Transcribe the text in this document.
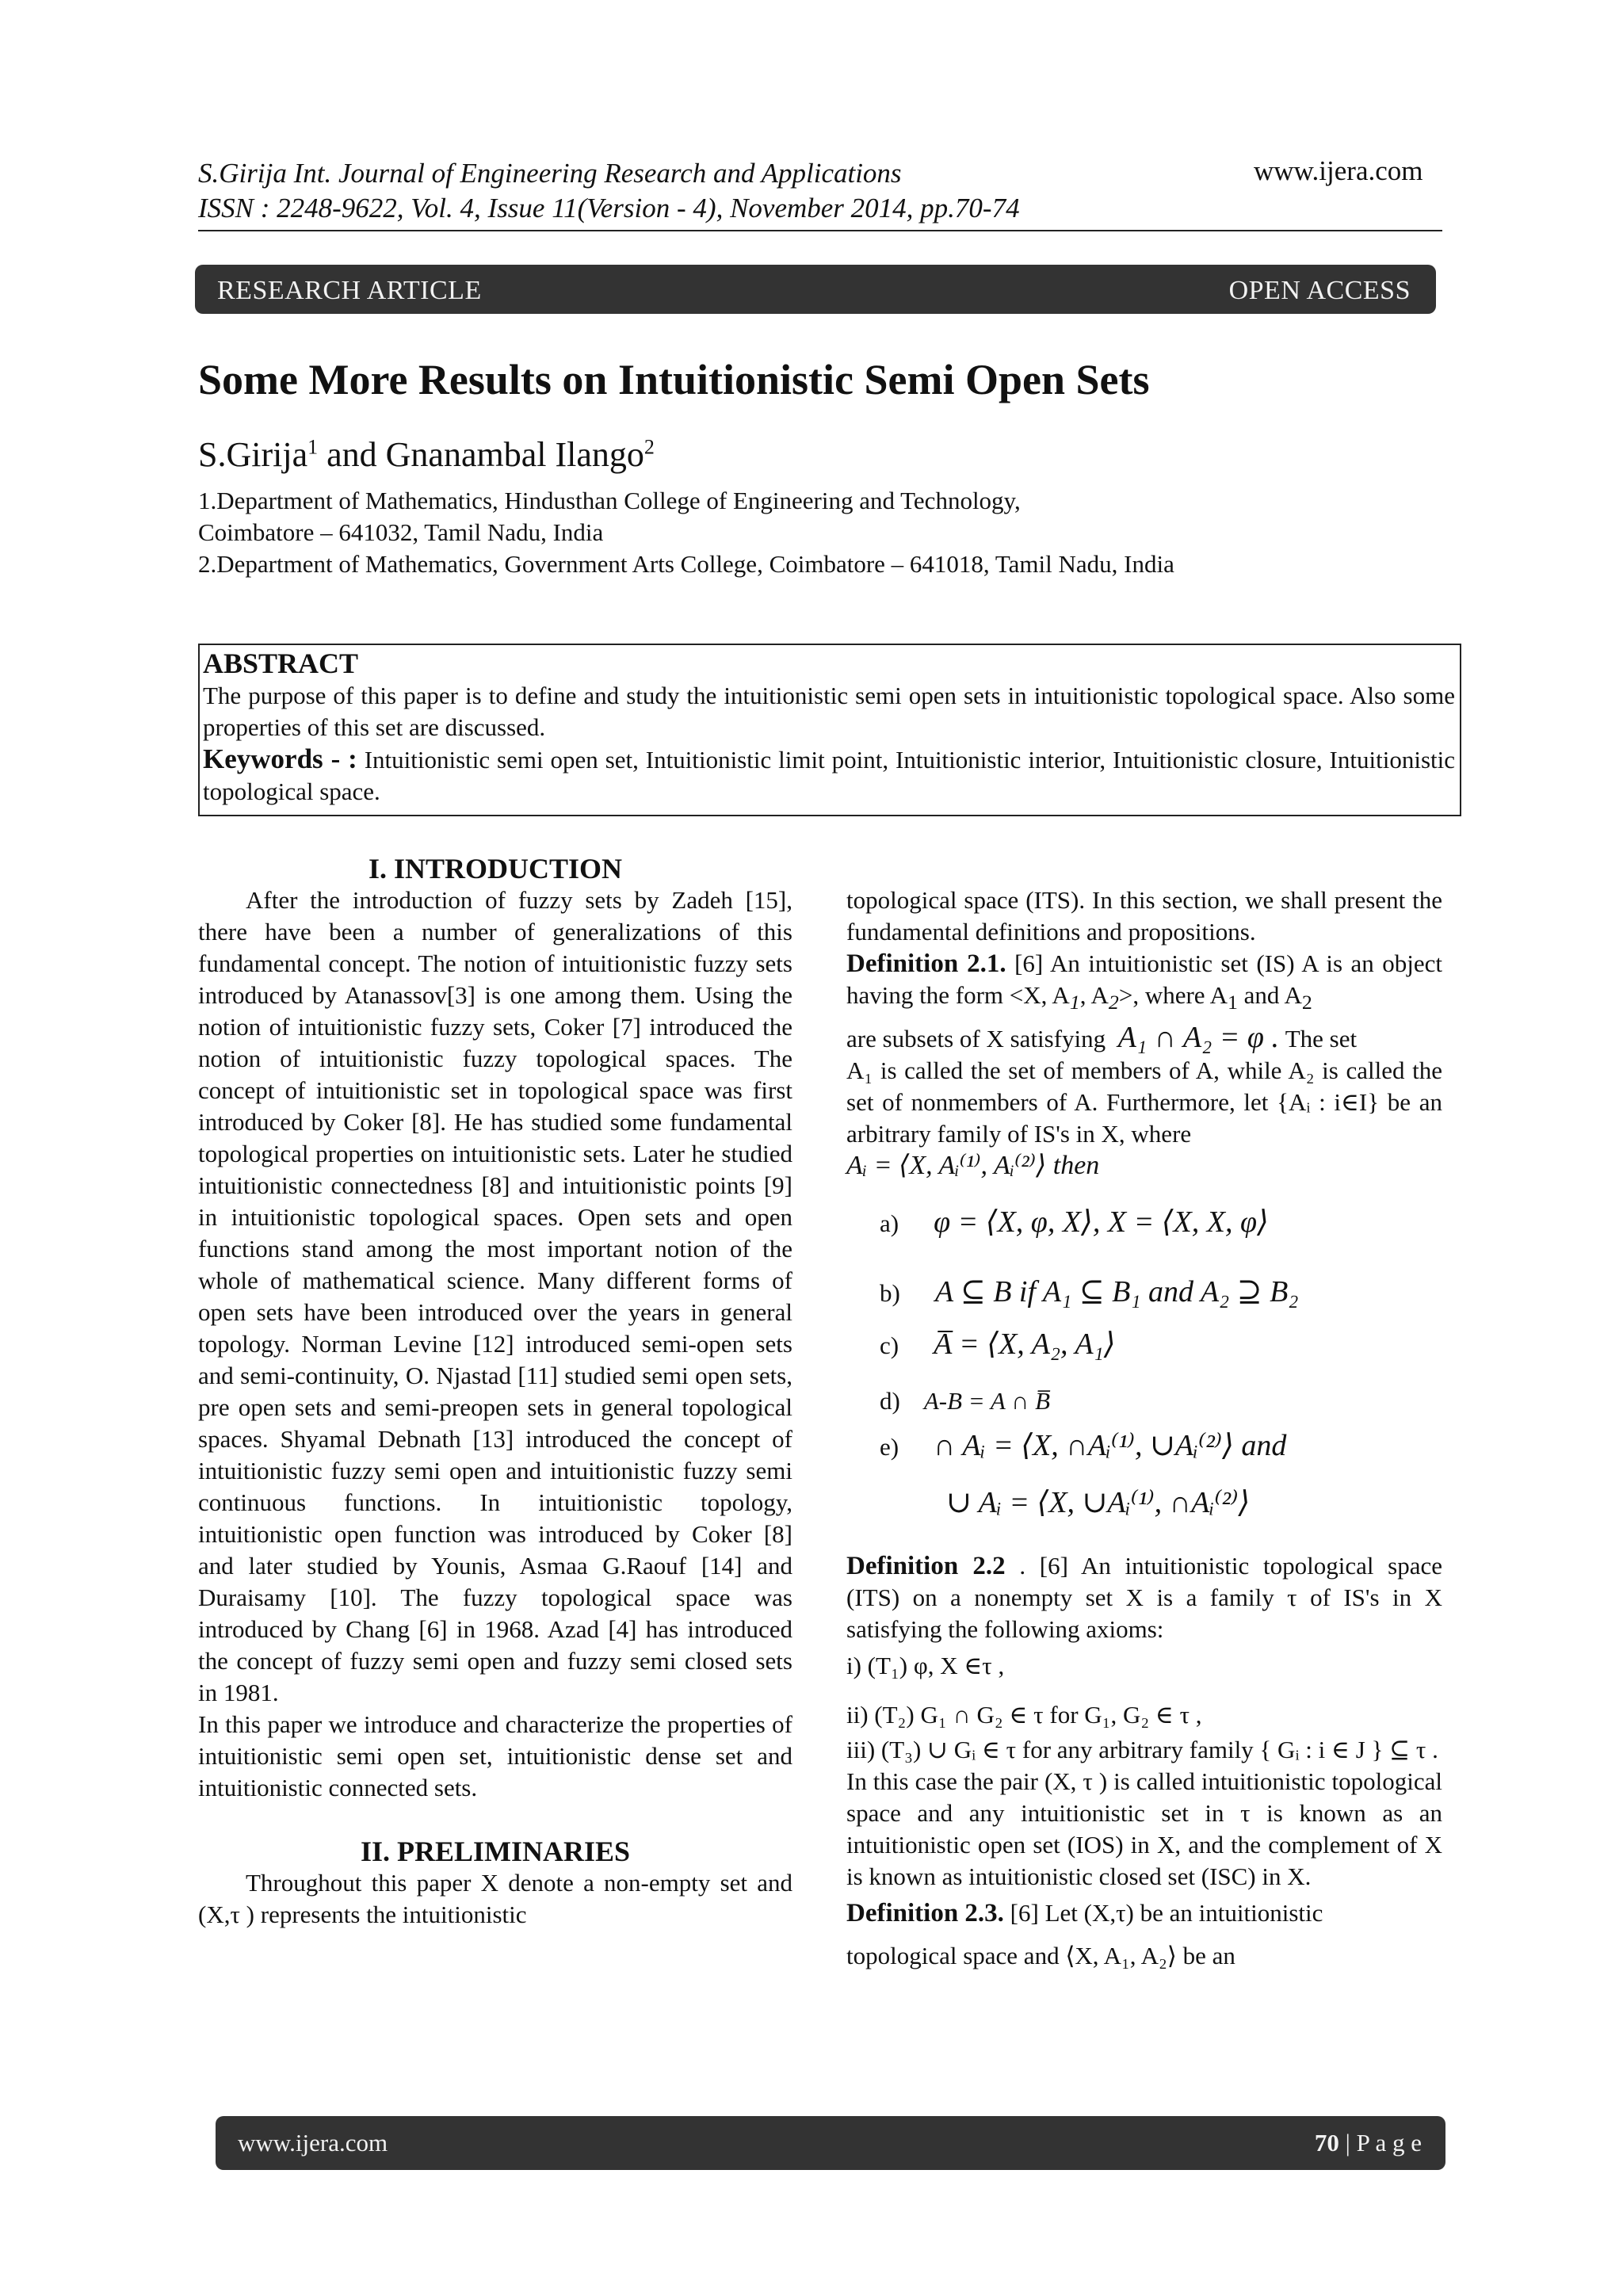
S.Girija Int. Journal of Engineering Research and Applications
ISSN : 2248-9622, Vol. 4, Issue 11(Version - 4), November 2014, pp.70-74
www.ijera.com
RESEARCH ARTICLE	OPEN ACCESS
Some More Results on Intuitionistic Semi Open Sets
S.Girija$^1$ and Gnanambal Ilango$^2$
1.Department of Mathematics, Hindusthan College of Engineering and Technology,
Coimbatore – 641032, Tamil Nadu, India
2.Department of Mathematics, Government Arts College, Coimbatore – 641018, Tamil Nadu, India
ABSTRACT
The purpose of this paper is to define and study the intuitionistic semi open sets in intuitionistic topological space. Also some properties of this set are discussed.
Keywords - : Intuitionistic semi open set, Intuitionistic limit point, Intuitionistic interior, Intuitionistic closure, Intuitionistic topological space.
I. INTRODUCTION

After the introduction of fuzzy sets by Zadeh [15], there have been a number of generalizations of this fundamental concept. The notion of intuitionistic fuzzy sets introduced by Atanassov[3] is one among them. Using the notion of intuitionistic fuzzy sets, Coker [7] introduced the notion of intuitionistic fuzzy topological spaces. The concept of intuitionistic set in topological space was first introduced by Coker [8]. He has studied some fundamental topological properties on intuitionistic sets. Later he studied intuitionistic connectedness [8] and intuitionistic points [9] in intuitionistic topological spaces. Open sets and open functions stand among the most important notion of the whole of mathematical science. Many different forms of open sets have been introduced over the years in general topology. Norman Levine [12] introduced semi-open sets and semi-continuity, O. Njastad [11] studied semi open sets, pre open sets and semi-preopen sets in general topological spaces. Shyamal Debnath [13] introduced the concept of intuitionistic fuzzy semi open and intuitionistic fuzzy semi continuous functions. In intuitionistic topology, intuitionistic open function was introduced by Coker [8] and later studied by Younis, Asmaa G.Raouf [14] and Duraisamy [10]. The fuzzy topological space was introduced by Chang [6] in 1968. Azad [4] has introduced the concept of fuzzy semi open and fuzzy semi closed sets in 1981.

In this paper we introduce and characterize the properties of intuitionistic semi open set, intuitionistic dense set and intuitionistic connected sets.

II. PRELIMINARIES

Throughout this paper X denote a non-empty set and (X,τ ) represents the intuitionistic

topological space (ITS). In this section, we shall present the fundamental definitions and propositions.

Definition 2.1. [6] An intuitionistic set (IS) A is an object having the form <X, $A_1$, $A_2>$, where $A_1$ and $A_2$

are subsets of X satisfying A₁ ∩ A₂ = φ . The set

A₁ is called the set of members of A, while A₂ is called the set of nonmembers of A. Furthermore, let {Aᵢ : i∈I} be an arbitrary family of IS's in X, where

Aᵢ = ⟨X, Aᵢ⁽¹⁾, Aᵢ⁽²⁾⟩ then

a) φ = ⟨X, φ, X⟩, X = ⟨X, X, φ⟩
b) A ⊆ B if A₁ ⊆ B₁ and A₂ ⊇ B₂
c) A̅ = ⟨X, A₂, A₁⟩
d) A-B = A ∩ B̅
e) ∩ Aᵢ = ⟨X, ∩Aᵢ⁽¹⁾, ∪Aᵢ⁽²⁾⟩ and
∪ Aᵢ = ⟨X, ∪Aᵢ⁽¹⁾, ∩Aᵢ⁽²⁾⟩

Definition 2.2 . [6] An intuitionistic topological space (ITS) on a nonempty set X is a family τ of IS's in X satisfying the following axioms:

i) (T₁) φ, X ∈τ ,

ii) (T₂) G₁ ∩ G₂ ∈ τ for G₁, G₂ ∈ τ ,

iii) (T₃) ∪ Gᵢ ∈ τ for any arbitrary family { Gᵢ : i ∈ J } ⊆ τ .

In this case the pair (X, τ ) is called intuitionistic topological space and any intuitionistic set in τ is known as an intuitionistic open set (IOS) in X, and the complement of X is known as intuitionistic closed set (ISC) in X.

Definition 2.3. [6] Let (X,τ) be an intuitionistic

topological space and ⟨X, A₁, A₂⟩ be an

www.ijera.com	70 | P a g e
